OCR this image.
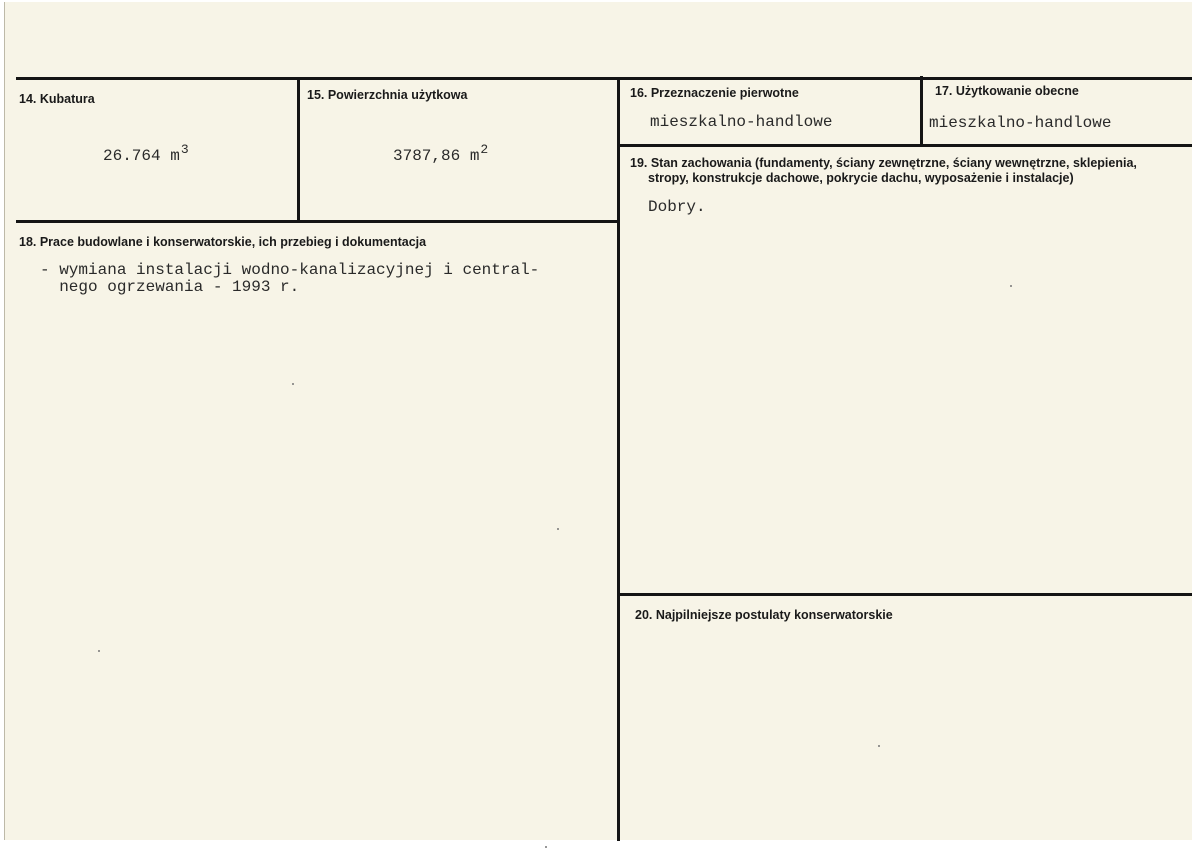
14. Kubatura
26.764 $m^3$
15. Powierzchnia użytkowa
3787,86 $m^2$
16. Przeznaczenie pierwotne
mieszkalno-handlowe
17. Użytkowanie obecne
mieszkalno-handlowe
18. Prace budowlane i konserwatorskie, ich przebieg i dokumentacja
- wymiana instalacji wodno-kanalizacyjnej i central-
nego ogrzewania - 1993 r.
19. Stan zachowania (fundamenty, ściany zewnętrzne, ściany wewnętrzne, sklepienia,
stropy, konstrukcje dachowe, pokrycie dachu, wyposażenie i instalacje)
Dobry.
20. Najpilniejsze postulaty konserwatorskie
